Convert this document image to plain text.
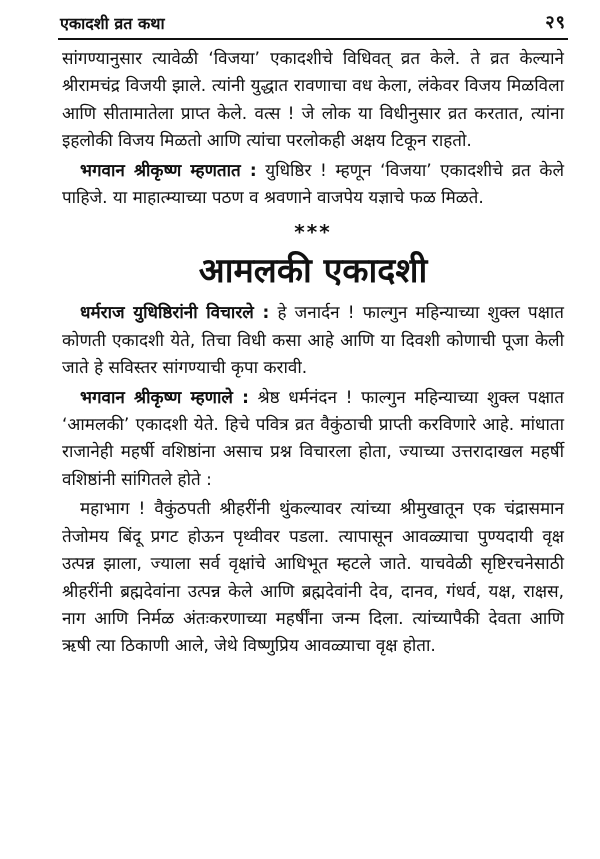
एकादशी व्रत कथा	२९

सांगण्यानुसार त्यावेळी ‘विजया’ एकादशीचे विधिवत् व्रत केले. ते व्रत केल्याने श्रीरामचंद्र विजयी झाले. त्यांनी युद्धात रावणाचा वध केला, लंकेवर विजय मिळविला आणि सीतामातेला प्राप्त केले. वत्स ! जे लोक या विधीनुसार व्रत करतात, त्यांना इहलोकी विजय मिळतो आणि त्यांचा परलोकही अक्षय टिकून राहतो.

भगवान श्रीकृष्ण म्हणतात : युधिष्ठिर ! म्हणून ‘विजया’ एकादशीचे व्रत केले पाहिजे. या माहात्म्याच्या पठण व श्रवणाने वाजपेय यज्ञाचे फळ मिळते.

***
आमलकी एकादशी

धर्मराज युधिष्ठिरांनी विचारले : हे जनार्दन ! फाल्गुन महिन्याच्या शुक्ल पक्षात कोणती एकादशी येते, तिचा विधी कसा आहे आणि या दिवशी कोणाची पूजा केली जाते हे सविस्तर सांगण्याची कृपा करावी.

भगवान श्रीकृष्ण म्हणाले : श्रेष्ठ धर्मनंदन ! फाल्गुन महिन्याच्या शुक्ल पक्षात ‘आमलकी’ एकादशी येते. हिचे पवित्र व्रत वैकुंठाची प्राप्ती करविणारे आहे. मांधाता राजानेही महर्षी वशिष्ठांना असाच प्रश्न विचारला होता, ज्याच्या उत्तरादाखल महर्षी वशिष्ठांनी सांगितले होते :

महाभाग ! वैकुंठपती श्रीहरींनी थुंकल्यावर त्यांच्या श्रीमुखातून एक चंद्रासमान तेजोमय बिंदू प्रगट होऊन पृथ्वीवर पडला. त्यापासून आवळ्याचा पुण्यदायी वृक्ष उत्पन्न झाला, ज्याला सर्व वृक्षांचे आधिभूत म्हटले जाते. याचवेळी सृष्टिरचनेसाठी श्रीहरींनी ब्रह्मदेवांना उत्पन्न केले आणि ब्रह्मदेवांनी देव, दानव, गंधर्व, यक्ष, राक्षस, नाग आणि निर्मळ अंतःकरणाच्या महर्षींना जन्म दिला. त्यांच्यापैकी देवता आणि ऋषी त्या ठिकाणी आले, जेथे विष्णुप्रिय आवळ्याचा वृक्ष होता.
